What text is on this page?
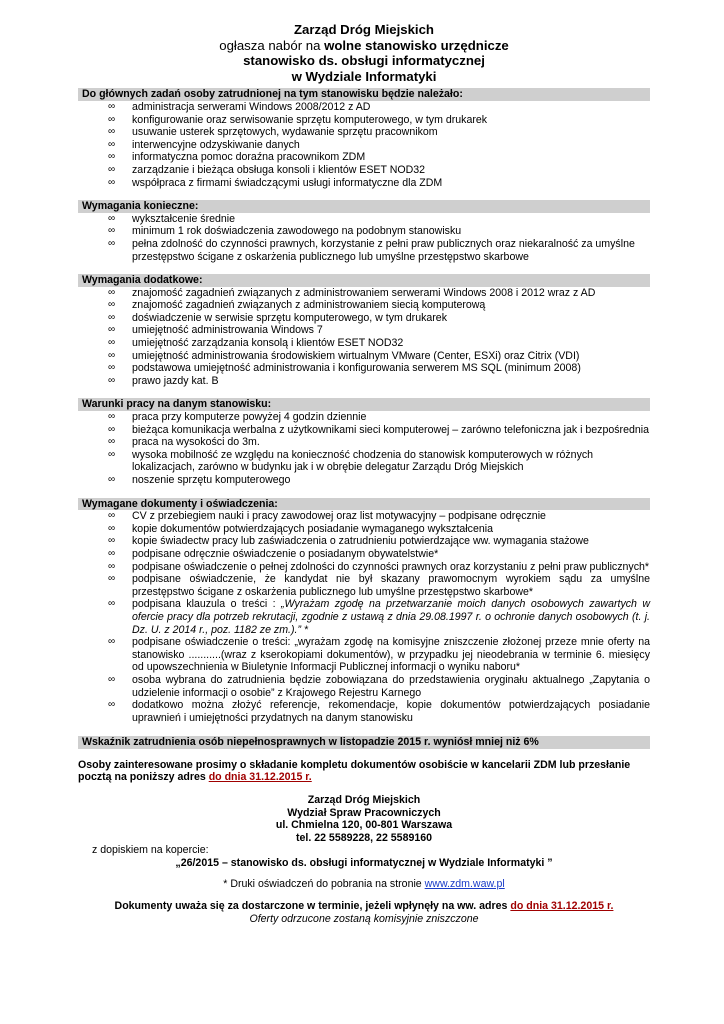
Zarząd Dróg Miejskich
ogłasza nabór na wolne stanowisko urzędnicze
stanowisko ds. obsługi informatycznej
w Wydziale Informatyki
Do głównych zadań osoby zatrudnionej na tym stanowisku będzie należało:
∞ administracja serwerami Windows 2008/2012 z AD
∞ konfigurowanie oraz serwisowanie sprzętu komputerowego, w tym drukarek
∞ usuwanie usterek sprzętowych, wydawanie sprzętu pracownikom
∞ interwencyjne odzyskiwanie danych
∞ informatyczna pomoc doraźna pracownikom ZDM
∞ zarządzanie i bieżąca obsługa konsoli i klientów ESET NOD32
∞ współpraca z firmami świadczącymi usługi informatyczne dla ZDM
Wymagania konieczne:
∞ wykształcenie średnie
∞ minimum 1 rok doświadczenia zawodowego na podobnym stanowisku
∞ pełna zdolność do czynności prawnych, korzystanie z pełni praw publicznych oraz niekaralność za umyślne przestępstwo ścigane z oskarżenia publicznego lub umyślne przestępstwo skarbowe
Wymagania dodatkowe:
∞ znajomość zagadnień związanych z administrowaniem serwerami Windows 2008 i 2012 wraz z AD
∞ znajomość zagadnień związanych z administrowaniem siecią komputerową
∞ doświadczenie w serwisie sprzętu komputerowego, w tym drukarek
∞ umiejętność administrowania Windows 7
∞ umiejętność zarządzania konsolą i klientów ESET NOD32
∞ umiejętność administrowania środowiskiem wirtualnym VMware (Center, ESXi) oraz Citrix (VDI)
∞ podstawowa umiejętność administrowania i konfigurowania serwerem MS SQL (minimum 2008)
∞ prawo jazdy kat. B
Warunki pracy na danym stanowisku:
∞ praca przy komputerze powyżej 4 godzin dziennie
∞ bieżąca komunikacja werbalna z użytkownikami sieci komputerowej – zarówno telefoniczna jak i bezpośrednia
∞ praca na wysokości do 3m.
∞ wysoka mobilność ze względu na konieczność chodzenia do stanowisk komputerowych w różnych lokalizacjach, zarówno w budynku jak i w obrębie delegatur Zarządu Dróg Miejskich
∞ noszenie sprzętu komputerowego
Wymagane dokumenty i oświadczenia:
∞ CV z przebiegiem nauki i pracy zawodowej oraz list motywacyjny – podpisane odręcznie
∞ kopie dokumentów potwierdzających posiadanie wymaganego wykształcenia
∞ kopie świadectw pracy lub zaświadczenia o zatrudnieniu potwierdzające ww. wymagania stażowe
∞ podpisane odręcznie oświadczenie o posiadanym obywatelstwie*
∞ podpisane oświadczenie o pełnej zdolności do czynności prawnych oraz korzystaniu z pełni praw publicznych*
∞ podpisane oświadczenie, że kandydat nie był skazany prawomocnym wyrokiem sądu za umyślne przestępstwo ścigane z oskarżenia publicznego lub umyślne przestępstwo skarbowe*
∞ podpisana klauzula o treści : „Wyrażam zgodę na przetwarzanie moich danych osobowych zawartych w ofercie pracy dla potrzeb rekrutacji, zgodnie z ustawą z dnia 29.08.1997 r. o ochronie danych osobowych (t. j. Dz. U. z 2014 r., poz. 1182 ze zm.).” *
∞ podpisane oświadczenie o treści: „wyrażam zgodę na komisyjne zniszczenie złożonej przeze mnie oferty na stanowisko ...........(wraz z kserokopiami dokumentów), w przypadku jej nieodebrania w terminie 6. miesięcy od upowszechnienia w Biuletynie Informacji Publicznej informacji o wyniku naboru*
∞ osoba wybrana do zatrudnienia będzie zobowiązana do przedstawienia oryginału aktualnego „Zapytania o udzielenie informacji o osobie” z Krajowego Rejestru Karnego
∞ dodatkowo można złożyć referencje, rekomendacje, kopie dokumentów potwierdzających posiadanie uprawnień i umiejętności przydatnych na danym stanowisku
Wskaźnik zatrudnienia osób niepełnosprawnych w listopadzie 2015 r. wyniósł mniej niż 6%
Osoby zainteresowane prosimy o składanie kompletu dokumentów osobiście w kancelarii ZDM lub przesłanie pocztą na poniższy adres do dnia 31.12.2015 r.
Zarząd Dróg Miejskich
Wydział Spraw Pracowniczych
ul. Chmielna 120, 00-801 Warszawa
tel. 22 5589228, 22 5589160
z dopiskiem na kopercie:
„26/2015 – stanowisko ds. obsługi informatycznej w Wydziale Informatyki ”
* Druki oświadczeń do pobrania na stronie www.zdm.waw.pl
Dokumenty uważa się za dostarczone w terminie, jeżeli wpłynęły na ww. adres do dnia 31.12.2015 r.
Oferty odrzucone zostaną komisyjnie zniszczone
